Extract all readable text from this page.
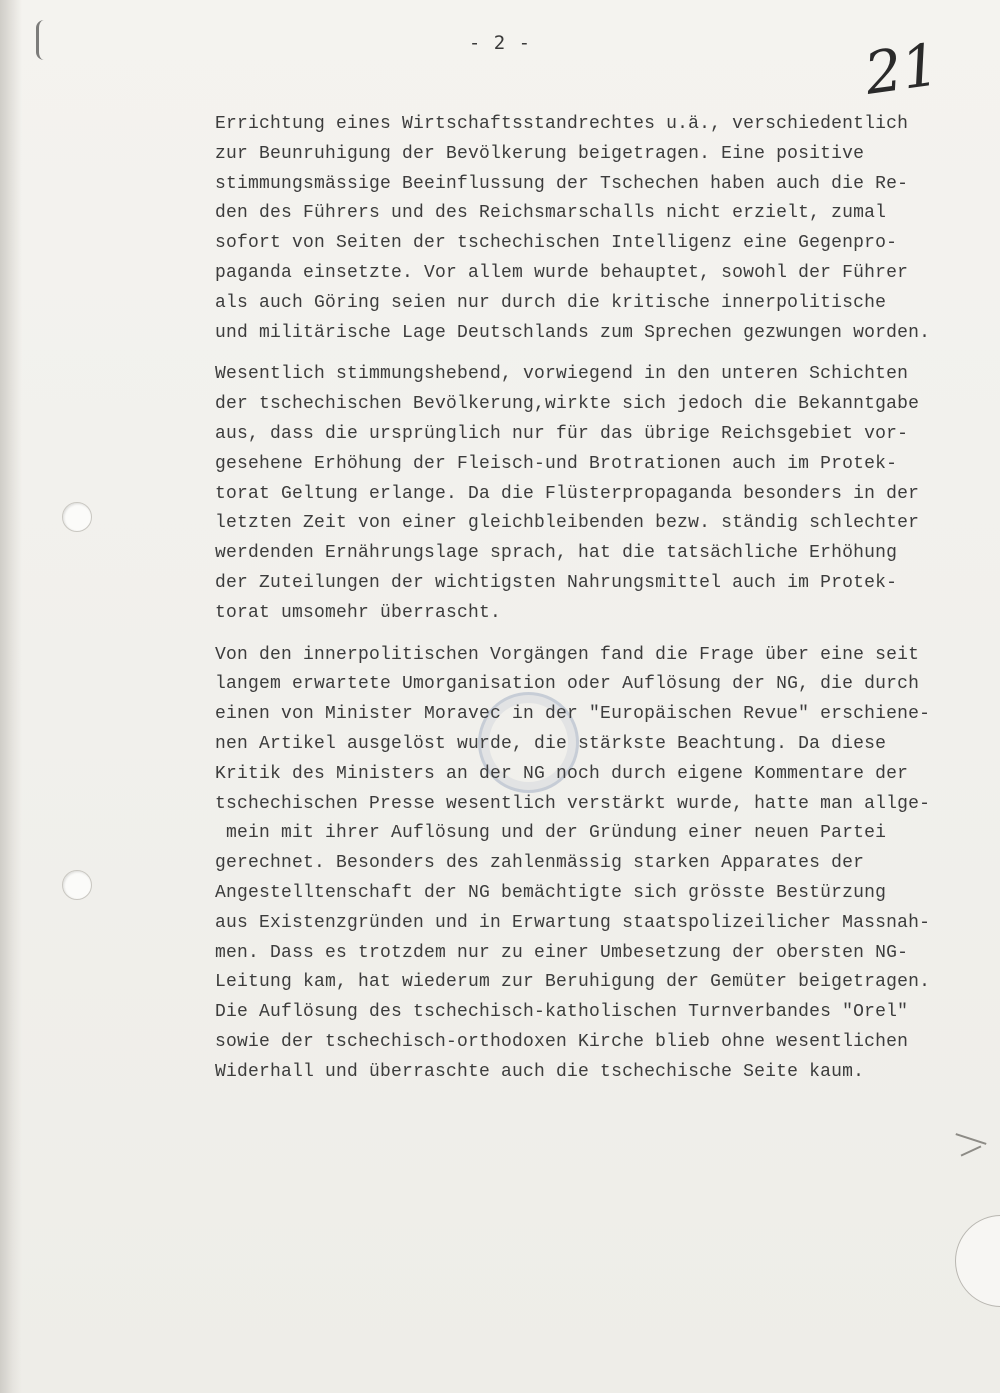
- 2 -	21
Errichtung eines Wirtschaftsstandrechtes u.ä., verschiedentlich
zur Beunruhigung der Bevölkerung beigetragen. Eine positive
stimmungsmässige Beeinflussung der Tschechen haben auch die Re-
den des Führers und des Reichsmarschalls nicht erzielt, zumal
sofort von Seiten der tschechischen Intelligenz eine Gegenpro-
paganda einsetzte. Vor allem wurde behauptet, sowohl der Führer
als auch Göring seien nur durch die kritische innerpolitische
und militärische Lage Deutschlands zum Sprechen gezwungen worden.
Wesentlich stimmungshebend, vorwiegend in den unteren Schichten
der tschechischen Bevölkerung,wirkte sich jedoch die Bekanntgabe
aus, dass die ursprünglich nur für das übrige Reichsgebiet vor-
gesehene Erhöhung der Fleisch-und Brotrationen auch im Protek-
torat Geltung erlange. Da die Flüsterpropaganda besonders in der
letzten Zeit von einer gleichbleibenden bezw. ständig schlechter
werdenden Ernährungslage sprach, hat die tatsächliche Erhöhung
der Zuteilungen der wichtigsten Nahrungsmittel auch im Protek-
torat umsomehr überrascht.
Von den innerpolitischen Vorgängen fand die Frage über eine seit
langem erwartete Umorganisation oder Auflösung der NG, die durch
einen von Minister Moravec in der "Europäischen Revue" erschiene-
nen Artikel ausgelöst wurde, die stärkste Beachtung. Da diese
Kritik des Ministers an der NG noch durch eigene Kommentare der
tschechischen Presse wesentlich verstärkt wurde, hatte man allge-
mein mit ihrer Auflösung und der Gründung einer neuen Partei
gerechnet. Besonders des zahlenmässig starken Apparates der
Angestelltenschaft der NG bemächtigte sich grösste Bestürzung
aus Existenzgründen und in Erwartung staatspolizeilicher Massnah-
men. Dass es trotzdem nur zu einer Umbesetzung der obersten NG-
Leitung kam, hat wiederum zur Beruhigung der Gemüter beigetragen.
Die Auflösung des tschechisch-katholischen Turnverbandes "Orel"
sowie der tschechisch-orthodoxen Kirche blieb ohne wesentlichen
Widerhall und überraschte auch die tschechische Seite kaum.
